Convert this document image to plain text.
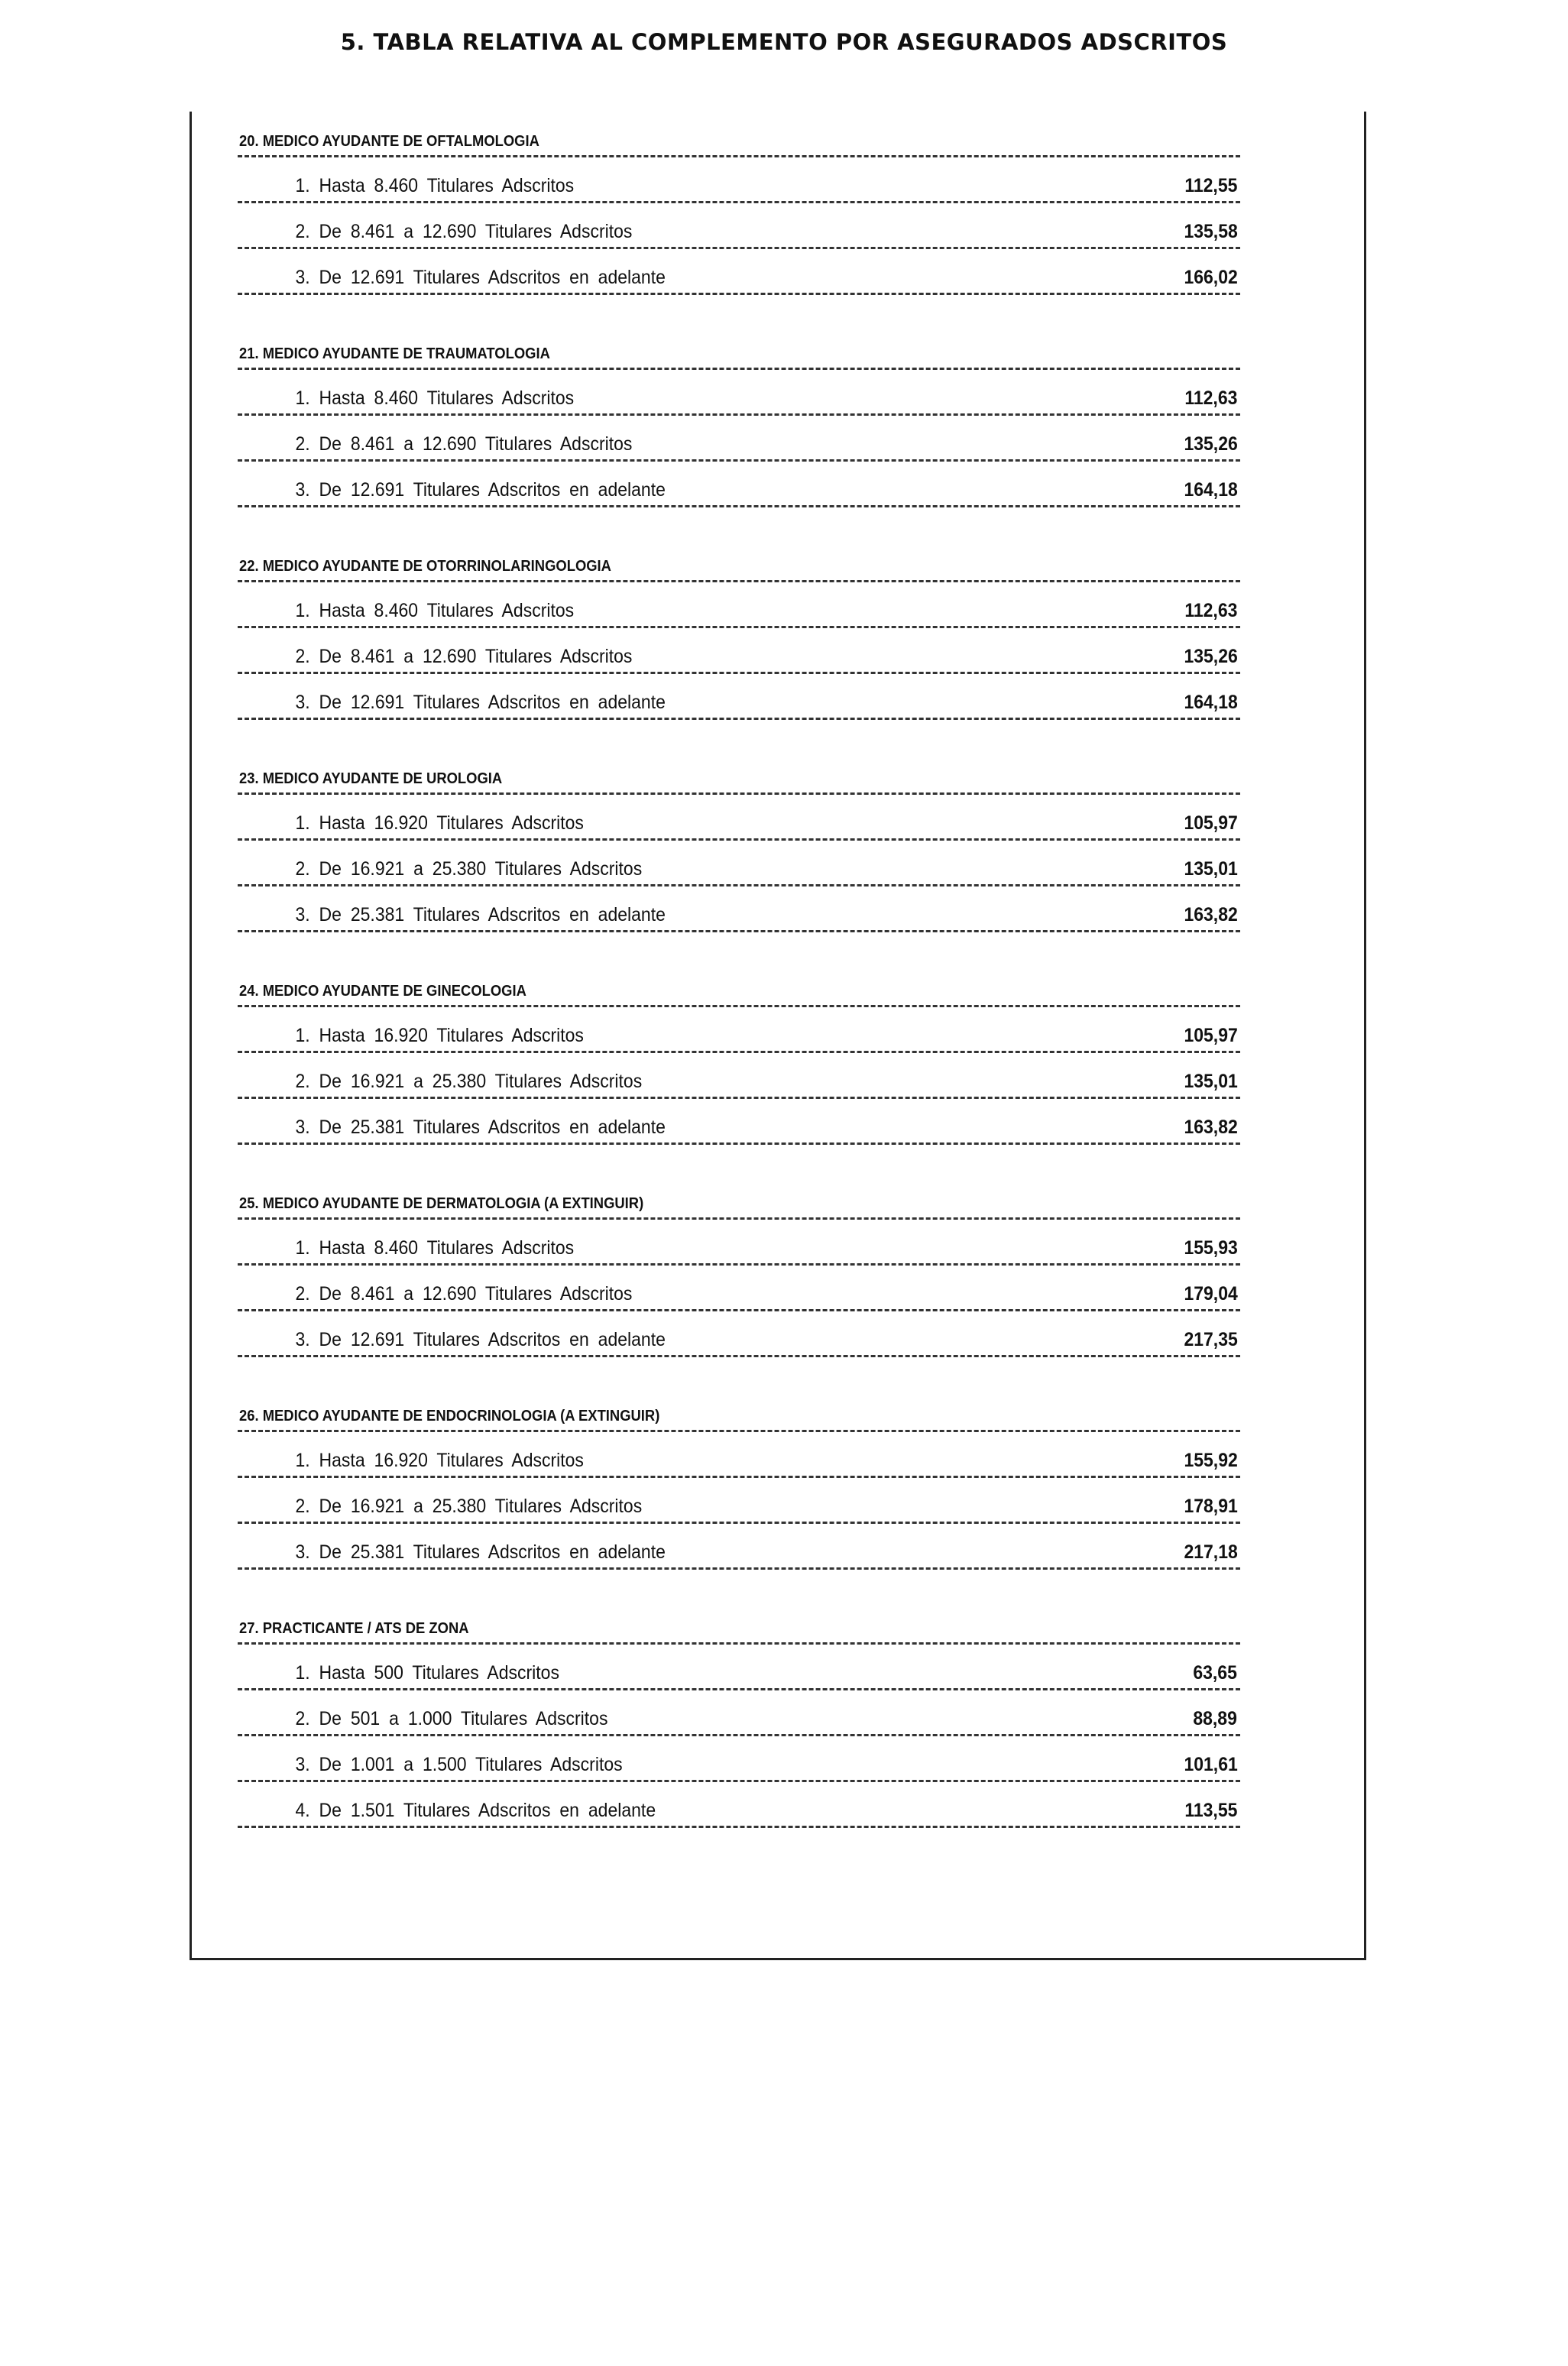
5. TABLA RELATIVA AL COMPLEMENTO POR ASEGURADOS ADSCRITOS
20. MEDICO AYUDANTE DE OFTALMOLOGIA
1. Hasta 8.460 Titulares Adscritos	112,55
2. De 8.461 a 12.690 Titulares Adscritos	135,58
3. De 12.691 Titulares Adscritos en adelante	166,02
21. MEDICO AYUDANTE DE TRAUMATOLOGIA
1. Hasta 8.460 Titulares Adscritos	112,63
2. De 8.461 a 12.690 Titulares Adscritos	135,26
3. De 12.691 Titulares Adscritos en adelante	164,18
22. MEDICO AYUDANTE DE OTORRINOLARINGOLOGIA
1. Hasta 8.460 Titulares Adscritos	112,63
2. De 8.461 a 12.690 Titulares Adscritos	135,26
3. De 12.691 Titulares Adscritos en adelante	164,18
23. MEDICO AYUDANTE DE UROLOGIA
1. Hasta 16.920 Titulares Adscritos	105,97
2. De 16.921 a 25.380 Titulares Adscritos	135,01
3. De 25.381 Titulares Adscritos en adelante	163,82
24. MEDICO AYUDANTE DE GINECOLOGIA
1. Hasta 16.920 Titulares Adscritos	105,97
2. De 16.921 a 25.380 Titulares Adscritos	135,01
3. De 25.381 Titulares Adscritos en adelante	163,82
25. MEDICO AYUDANTE DE DERMATOLOGIA (A EXTINGUIR)
1. Hasta 8.460 Titulares Adscritos	155,93
2. De 8.461 a 12.690 Titulares Adscritos	179,04
3. De 12.691 Titulares Adscritos en adelante	217,35
26. MEDICO AYUDANTE DE ENDOCRINOLOGIA (A EXTINGUIR)
1. Hasta 16.920 Titulares Adscritos	155,92
2. De 16.921 a 25.380 Titulares Adscritos	178,91
3. De 25.381 Titulares Adscritos en adelante	217,18
27. PRACTICANTE / ATS DE ZONA
1. Hasta 500 Titulares Adscritos	63,65
2. De 501 a 1.000 Titulares Adscritos	88,89
3. De 1.001 a 1.500 Titulares Adscritos	101,61
4. De 1.501 Titulares Adscritos en adelante	113,55
